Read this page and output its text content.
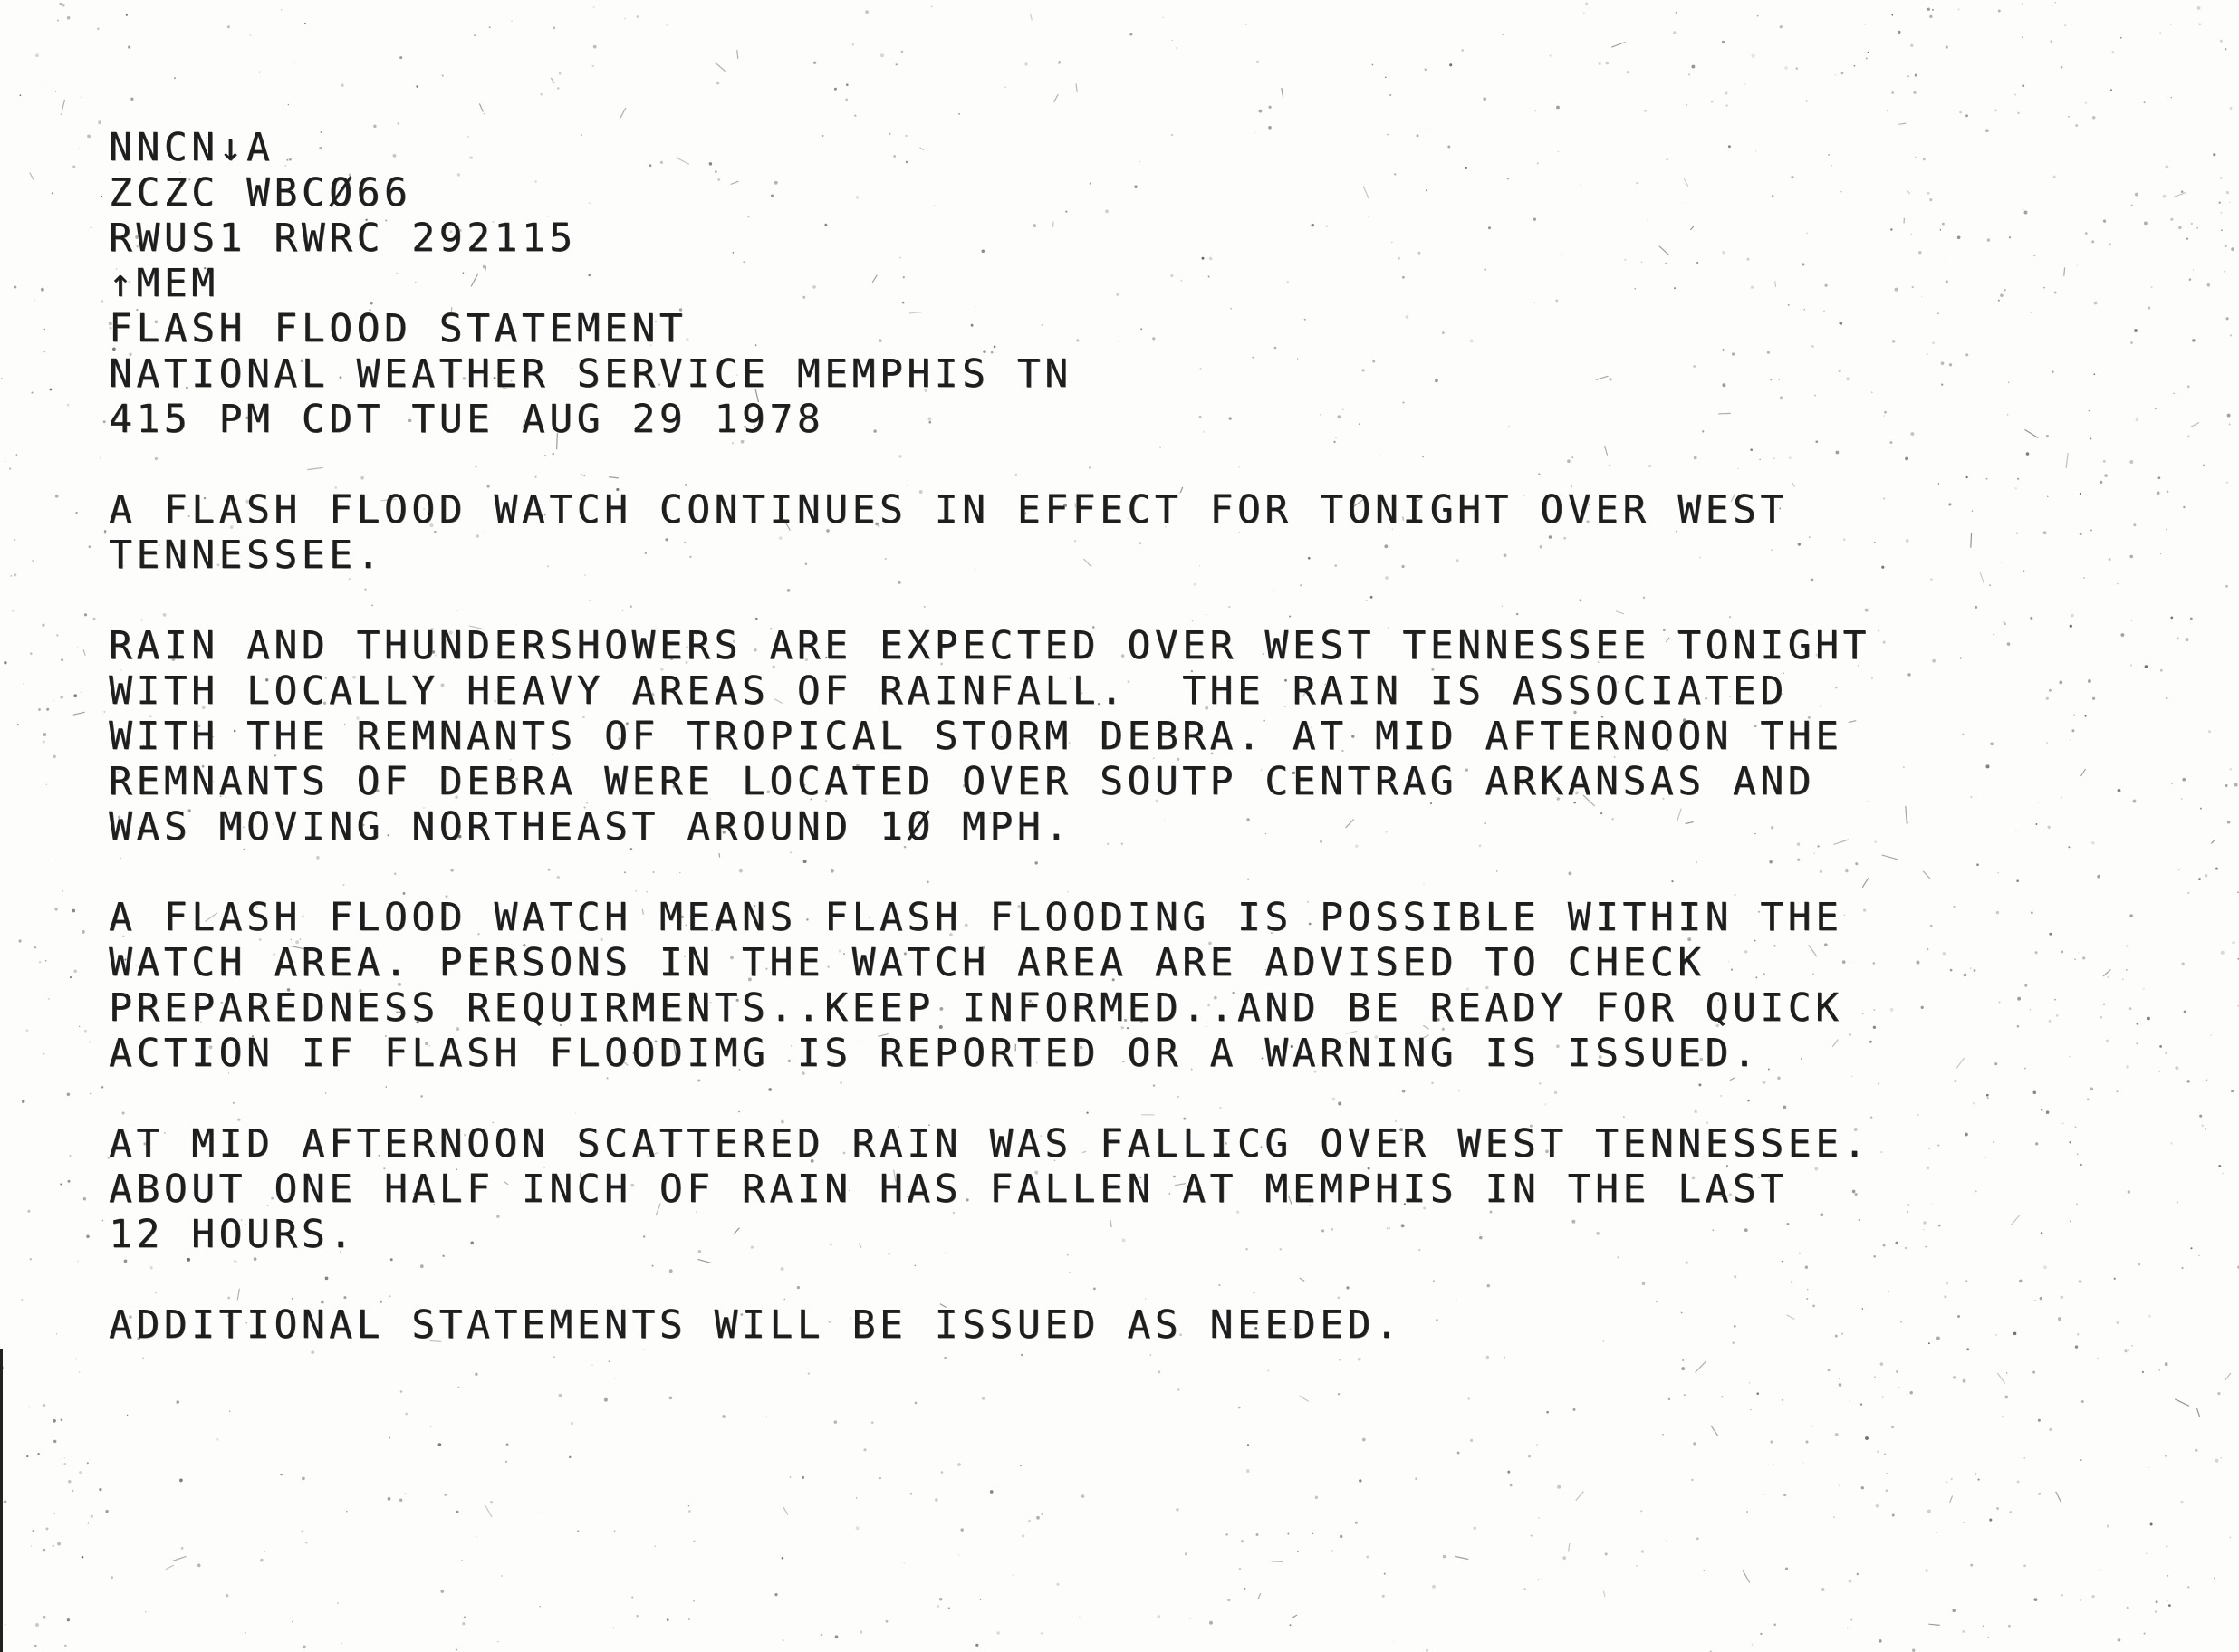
NNCN↓A
ZCZC WBCØ66
RWUS1 RWRC 292115
↑MEM
FLASH FLOOD STATEMENT
NATIONAL WEATHER SERVICE MEMPHIS TN
415 PM CDT TUE AUG 29 1978
A FLASH FLOOD WATCH CONTINUES IN EFFECT FOR TONIGHT OVER WEST
TENNESSEE.
RAIN AND THUNDERSHOWERS ARE EXPECTED OVER WEST TENNESSEE TONIGHT
WITH LOCALLY HEAVY AREAS OF RAINFALL.  THE RAIN IS ASSOCIATED
WITH THE REMNANTS OF TROPICAL STORM DEBRA. AT MID AFTERNOON THE
REMNANTS OF DEBRA WERE LOCATED OVER SOUTP CENTRAG ARKANSAS AND
WAS MOVING NORTHEAST AROUND 1Ø MPH.
A FLASH FLOOD WATCH MEANS FLASH FLOODING IS POSSIBLE WITHIN THE
WATCH AREA. PERSONS IN THE WATCH AREA ARE ADVISED TO CHECK
PREPAREDNESS REQUIRMENTS..KEEP INFORMED..AND BE READY FOR QUICK
ACTION IF FLASH FLOODIMG IS REPORTED OR A WARNING IS ISSUED.
AT MID AFTERNOON SCATTERED RAIN WAS FALLICG OVER WEST TENNESSEE.
ABOUT ONE HALF INCH OF RAIN HAS FALLEN AT MEMPHIS IN THE LAST
12 HOURS.
ADDITIONAL STATEMENTS WILL BE ISSUED AS NEEDED.
